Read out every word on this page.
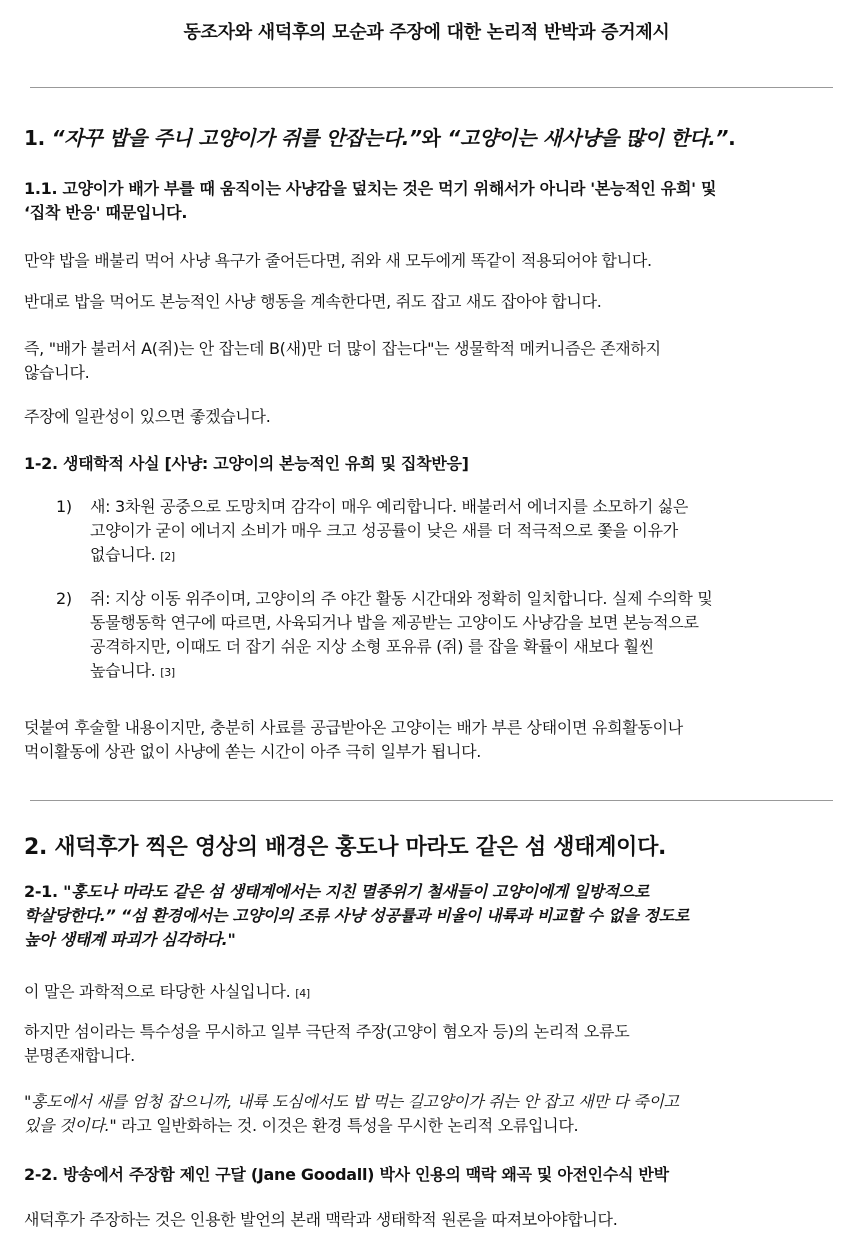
동조자와 새덕후의 모순과 주장에 대한 논리적 반박과 증거제시
1. “자꾸 밥을 주니 고양이가 쥐를 안잡는다.”와 “고양이는 새사냥을 많이 한다.”.
1.1. 고양이가 배가 부를 때 움직이는 사냥감을 덮치는 것은 먹기 위해서가 아니라 '본능적인 유희' 및
‘집착 반응' 때문입니다.

만약 밥을 배불리 먹어 사냥 욕구가 줄어든다면, 쥐와 새 모두에게 똑같이 적용되어야 합니다.

반대로 밥을 먹어도 본능적인 사냥 행동을 계속한다면, 쥐도 잡고 새도 잡아야 합니다.

즉, "배가 불러서 A(쥐)는 안 잡는데 B(새)만 더 많이 잡는다"는 생물학적 메커니즘은 존재하지
않습니다.

주장에 일관성이 있으면 좋겠습니다.

1-2. 생태학적 사실 [사냥: 고양이의 본능적인 유희 및 집착반응]
1) 새: 3차원 공중으로 도망치며 감각이 매우 예리합니다. 배불러서 에너지를 소모하기 싫은
고양이가 굳이 에너지 소비가 매우 크고 성공률이 낮은 새를 더 적극적으로 쫓을 이유가
없습니다. [2]
2) 쥐: 지상 이동 위주이며, 고양이의 주 야간 활동 시간대와 정확히 일치합니다. 실제 수의학 및
동물행동학 연구에 따르면, 사육되거나 밥을 제공받는 고양이도 사냥감을 보면 본능적으로
공격하지만, 이때도 더 잡기 쉬운 지상 소형 포유류 (쥐) 를 잡을 확률이 새보다 훨씬
높습니다. [3]

덧붙여 후술할 내용이지만, 충분히 사료를 공급받아온 고양이는 배가 부른 상태이면 유희활동이나
먹이활동에 상관 없이 사냥에 쏟는 시간이 아주 극히 일부가 됩니다.

2. 새덕후가 찍은 영상의 배경은 홍도나 마라도 같은 섬 생태계이다.
2-1. "홍도나 마라도 같은 섬 생태계에서는 지친 멸종위기 철새들이 고양이에게 일방적으로
학살당한다.” “섬 환경에서는 고양이의 조류 사냥 성공률과 비율이 내륙과 비교할 수 없을 정도로
높아 생태계 파괴가 심각하다."

이 말은 과학적으로 타당한 사실입니다. [4]

하지만 섬이라는 특수성을 무시하고 일부 극단적 주장(고양이 혐오자 등)의 논리적 오류도
분명존재합니다.

"홍도에서 새를 엄청 잡으니까, 내륙 도심에서도 밥 먹는 길고양이가 쥐는 안 잡고 새만 다 죽이고
있을 것이다." 라고 일반화하는 것. 이것은 환경 특성을 무시한 논리적 오류입니다.

2-2. 방송에서 주장함 제인 구달 (Jane Goodall) 박사 인용의 맥락 왜곡 및 아전인수식 반박

새덕후가 주장하는 것은 인용한 발언의 본래 맥락과 생태학적 원론을 따져보아야합니다.
